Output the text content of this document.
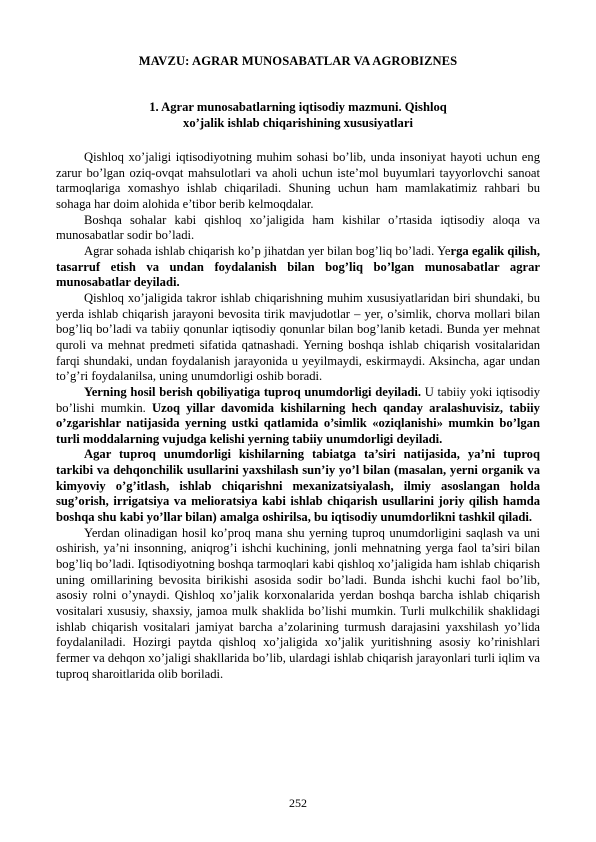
MAVZU: AGRAR MUNOSABATLAR VA AGROBIZNES
1. Agrar munosabatlarning iqtisodiy mazmuni. Qishloq
xo’jalik ishlab chiqarishining xususiyatlari

Qishloq xo’jaligi iqtisodiyotning muhim sohasi bo’lib, unda insoniyat hayoti uchun eng zarur bo’lgan oziq-ovqat mahsulotlari va aholi uchun iste’mol buyumlari tayyorlovchi sanoat tarmoqlariga xomashyo ishlab chiqariladi. Shuning uchun ham mamlakatimiz rahbari bu sohaga har doim alohida e’tibor berib kelmoqdalar.

Boshqa sohalar kabi qishloq xo’jaligida ham kishilar o’rtasida iqtisodiy aloqa va munosabatlar sodir bo’ladi.

Agrar sohada ishlab chiqarish ko’p jihatdan yer bilan bog’liq bo’ladi. Yerga egalik qilish, tasarruf etish va undan foydalanish bilan bog’liq bo’lgan munosabatlar agrar munosabatlar deyiladi.

Qishloq xo’jaligida takror ishlab chiqarishning muhim xususiyatlaridan biri shundaki, bu yerda ishlab chiqarish jarayoni bevosita tirik mavjudotlar – yer, o’simlik, chorva mollari bilan bog’liq bo’ladi va tabiiy qonunlar iqtisodiy qonunlar bilan bog’lanib ketadi. Bunda yer mehnat quroli va mehnat predmeti sifatida qatnashadi. Yerning boshqa ishlab chiqarish vositalaridan farqi shundaki, undan foydalanish jarayonida u yeyilmaydi, eskirmaydi. Aksincha, agar undan to’g’ri foydalanilsa, uning unumdorligi oshib boradi.

Yerning hosil berish qobiliyatiga tuproq unumdorligi deyiladi. U tabiiy yoki iqtisodiy bo’lishi mumkin. Uzoq yillar davomida kishilarning hech qanday aralashuvisiz, tabiiy o’zgarishlar natijasida yerning ustki qatlamida o’simlik «oziqlanishi» mumkin bo’lgan turli moddalarning vujudga kelishi yerning tabiiy unumdorligi deyiladi.

Agar tuproq unumdorligi kishilarning tabiatga ta’siri natijasida, ya’ni tuproq tarkibi va dehqonchilik usullarini yaxshilash sun’iy yo’l bilan (masalan, yerni organik va kimyoviy o’g’itlash, ishlab chiqarishni mexanizatsiyalash, ilmiy asoslangan holda sug’orish, irrigatsiya va melioratsiya kabi ishlab chiqarish usullarini joriy qilish hamda boshqa shu kabi yo’llar bilan) amalga oshirilsa, bu iqtisodiy unumdorlikni tashkil qiladi.

Yerdan olinadigan hosil ko’proq mana shu yerning tuproq unumdorligini saqlash va uni oshirish, ya’ni insonning, aniqrog’i ishchi kuchining, jonli mehnatning yerga faol ta’siri bilan bog’liq bo’ladi. Iqtisodiyotning boshqa tarmoqlari kabi qishloq xo’jaligida ham ishlab chiqarish uning omillarining bevosita birikishi asosida sodir bo’ladi. Bunda ishchi kuchi faol bo’lib, asosiy rolni o’ynaydi. Qishloq xo’jalik korxonalarida yerdan boshqa barcha ishlab chiqarish vositalari xususiy, shaxsiy, jamoa mulk shaklida bo’lishi mumkin. Turli mulkchilik shaklidagi ishlab chiqarish vositalari jamiyat barcha a’zolarining turmush darajasini yaxshilash yo’lida foydalaniladi. Hozirgi paytda qishloq xo’jaligida xo’jalik yuritishning asosiy ko’rinishlari fermer va dehqon xo’jaligi shakllarida bo’lib, ulardagi ishlab chiqarish jarayonlari turli iqlim va tuproq sharoitlarida olib boriladi.

252
